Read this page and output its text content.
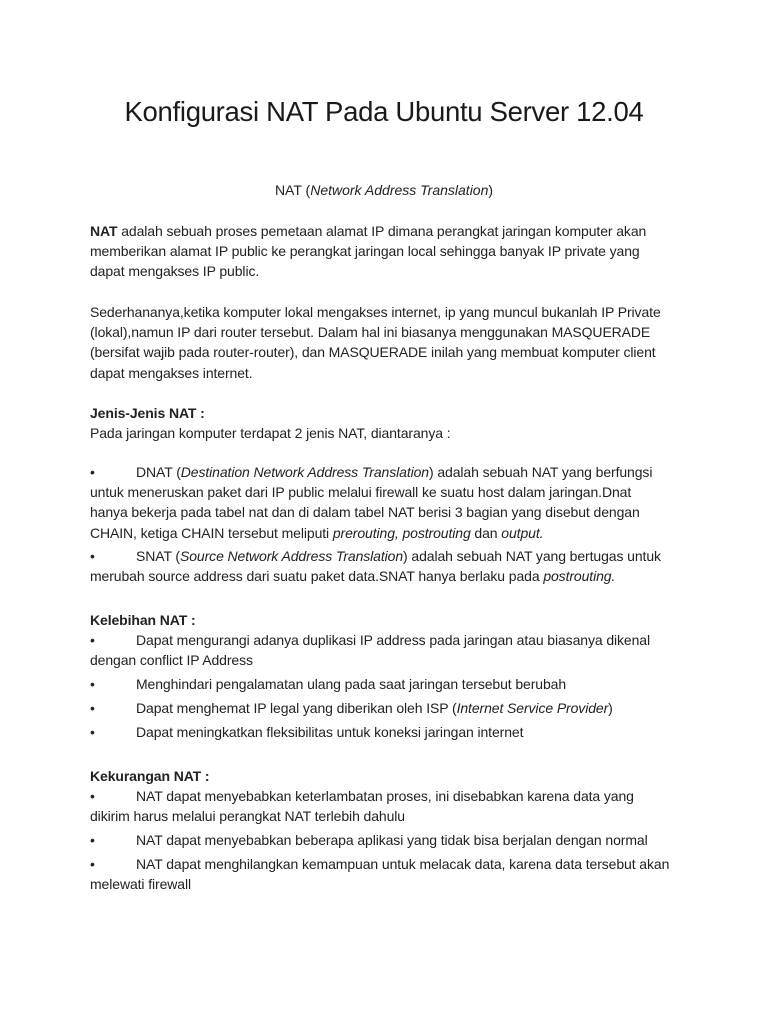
Konfigurasi NAT Pada Ubuntu Server 12.04

NAT (Network Address Translation)

NAT adalah sebuah proses pemetaan alamat IP dimana perangkat jaringan komputer akan
memberikan alamat IP public ke perangkat jaringan local sehingga banyak IP private yang
dapat mengakses IP public.

Sederhananya,ketika komputer lokal mengakses internet, ip yang muncul bukanlah IP Private
(lokal),namun IP dari router tersebut. Dalam hal ini biasanya menggunakan MASQUERADE
(bersifat wajib pada router-router), dan MASQUERADE inilah yang membuat komputer client
dapat mengakses internet.

Jenis-Jenis NAT :

Pada jaringan komputer terdapat 2 jenis NAT, diantaranya :

•	DNAT (Destination Network Address Translation) adalah sebuah NAT yang berfungsi
untuk meneruskan paket dari IP public melalui firewall ke suatu host dalam jaringan.Dnat
hanya bekerja pada tabel nat dan di dalam tabel NAT berisi 3 bagian yang disebut dengan
CHAIN, ketiga CHAIN tersebut meliputi prerouting, postrouting dan output.

•	SNAT (Source Network Address Translation) adalah sebuah NAT yang bertugas untuk
merubah source address dari suatu paket data.SNAT hanya berlaku pada postrouting.

Kelebihan NAT :

•	Dapat mengurangi adanya duplikasi IP address pada jaringan atau biasanya dikenal
dengan conflict IP Address

•	Menghindari pengalamatan ulang pada saat jaringan tersebut berubah

•	Dapat menghemat IP legal yang diberikan oleh ISP (Internet Service Provider)

•	Dapat meningkatkan fleksibilitas untuk koneksi jaringan internet

Kekurangan NAT :

•	NAT dapat menyebabkan keterlambatan proses, ini disebabkan karena data yang
dikirim harus melalui perangkat NAT terlebih dahulu

•	NAT dapat menyebabkan beberapa aplikasi yang tidak bisa berjalan dengan normal

•	NAT dapat menghilangkan kemampuan untuk melacak data, karena data tersebut akan
melewati firewall
